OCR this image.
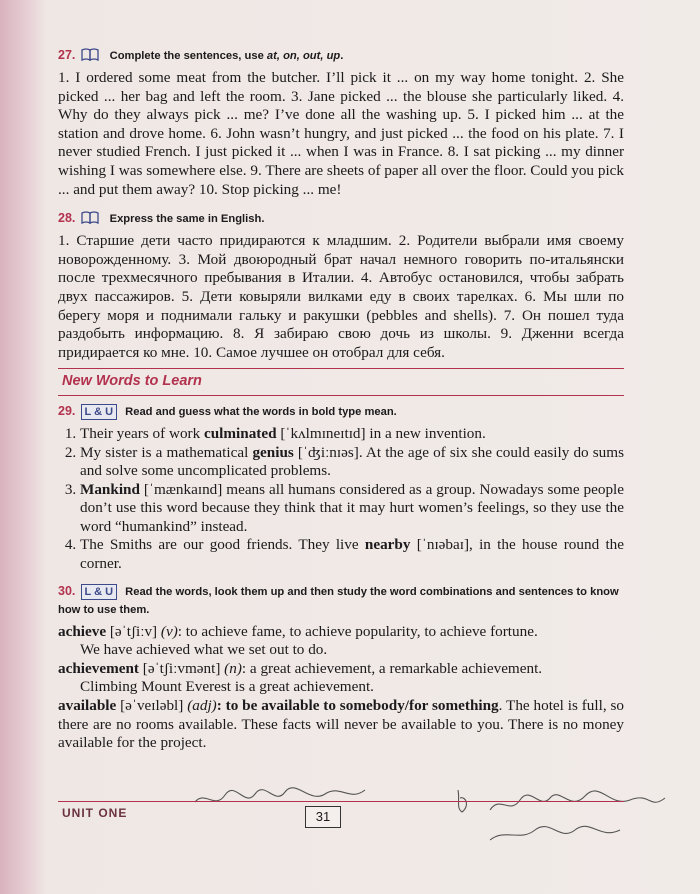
27.	Complete the sentences, use at, on, out, up.
1. I ordered some meat from the butcher. I’ll pick it ... on my way home tonight. 2. She picked ... her bag and left the room. 3. Jane picked ... the blouse she particularly liked. 4. Why do they always pick ... me? I’ve done all the washing up. 5. I picked him ... at the station and drove home. 6. John wasn’t hungry, and just picked ... the food on his plate. 7. I never studied French. I just picked it ... when I was in France. 8. I sat picking ... my dinner wishing I was somewhere else. 9. There are sheets of paper all over the floor. Could you pick ... and put them away? 10. Stop picking ... me!
28.	Express the same in English.
1. Старшие дети часто придираются к младшим. 2. Родители выбрали имя своему новорожденному. 3. Мой двоюродный брат начал немного говорить по-итальянски после трехмесячного пребывания в Италии. 4. Автобус остановился, чтобы забрать двух пассажиров. 5. Дети ковыряли вилками еду в своих тарелках. 6. Мы шли по берегу моря и поднимали гальку и ракушки (pebbles and shells). 7. Он пошел туда раздобыть информацию. 8. Я забираю свою дочь из школы. 9. Дженни всегда придирается ко мне. 10. Самое лучшее он отобрал для себя.
New Words to Learn
29. L & U Read and guess what the words in bold type mean.
1. Their years of work culminated [ˈkʌlmɪneɪtɪd] in a new invention.
2. My sister is a mathematical genius [ˈʤiːnɪəs]. At the age of six she could easily do sums and solve some uncomplicated problems.
3. Mankind [ˈmænkaɪnd] means all humans considered as a group. Nowadays some people don’t use this word because they think that it may hurt women’s feelings, so they use the word “humankind” instead.
4. The Smiths are our good friends. They live nearby [ˈnɪəbaɪ], in the house round the corner.
30. L & U Read the words, look them up and then study the word combinations and sentences to know how to use them.
achieve [əˈtʃiːv] (v): to achieve fame, to achieve popularity, to achieve fortune.
We have achieved what we set out to do.
achievement [əˈtʃiːvmənt] (n): a great achievement, a remarkable achievement.
Climbing Mount Everest is a great achievement.
available [əˈveɪləbl] (adj): to be available to somebody/for something. The hotel is full, so there are no rooms available. These facts will never be available to you. There is no money available for the project.
UNIT ONE	31
